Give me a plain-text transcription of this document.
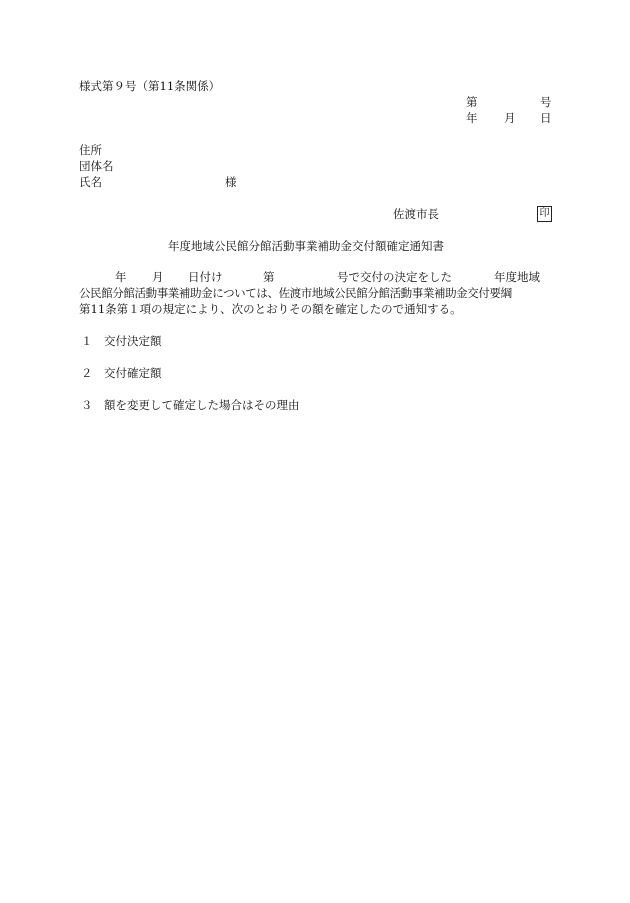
様式第９号（第11条関係）
第	号
年 月 日
住所
団体名
氏名	様
佐渡市長	印
年度地域公民館分館活動事業補助金交付額確定通知書
年 月 日付け	第	号で交付の決定をした	年度地域
公民館分館活動事業補助金については、佐渡市地域公民館分館活動事業補助金交付要綱
第11条第１項の規定により、次のとおりその額を確定したので通知する。
１ 交付決定額
２ 交付確定額
３ 額を変更して確定した場合はその理由
